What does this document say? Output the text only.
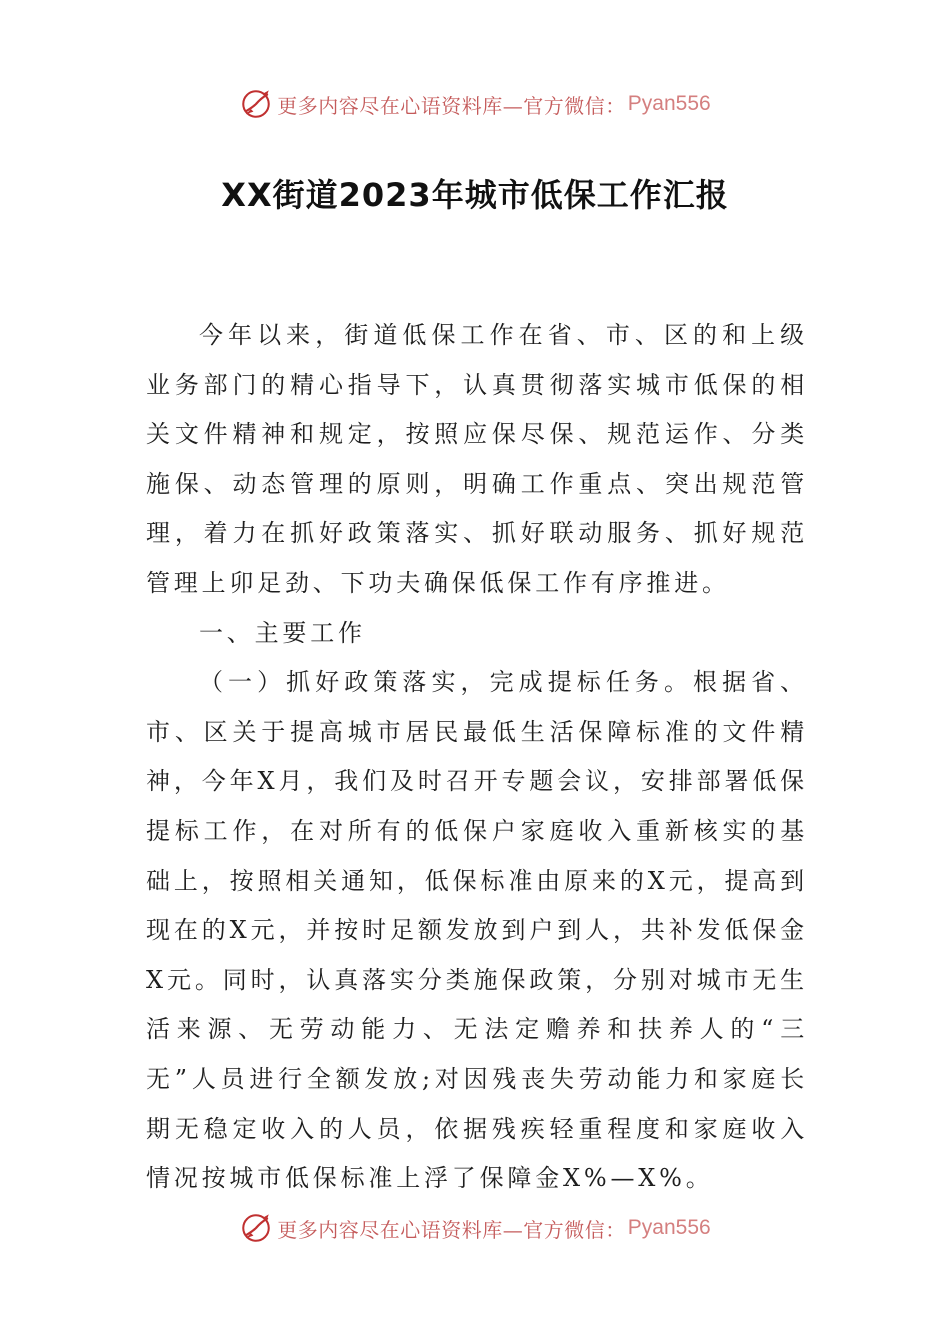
更多内容尽在心语资料库—官方微信： Pyan556
XX街道2023年城市低保工作汇报

今年以来，街道低保工作在省、市、区的和上级业务部门的精心指导下，认真贯彻落实城市低保的相关文件精神和规定，按照应保尽保、规范运作、分类施保、动态管理的原则，明确工作重点、突出规范管理，着力在抓好政策落实、抓好联动服务、抓好规范管理上卯足劲、下功夫确保低保工作有序推进。

一、主要工作

（一）抓好政策落实，完成提标任务。根据省、市、区关于提高城市居民最低生活保障标准的文件精神，今年X月，我们及时召开专题会议，安排部署低保提标工作，在对所有的低保户家庭收入重新核实的基础上，按照相关通知，低保标准由原来的X元，提高到现在的X元，并按时足额发放到户到人，共补发低保金X元。同时，认真落实分类施保政策，分别对城市无生活来源、无劳动能力、无法定赡养和扶养人的“三无”人员进行全额发放;对因残丧失劳动能力和家庭长期无稳定收入的人员，依据残疾轻重程度和家庭收入情况按城市低保标准上浮了保障金X%—X%。

更多内容尽在心语资料库—官方微信： Pyan556
